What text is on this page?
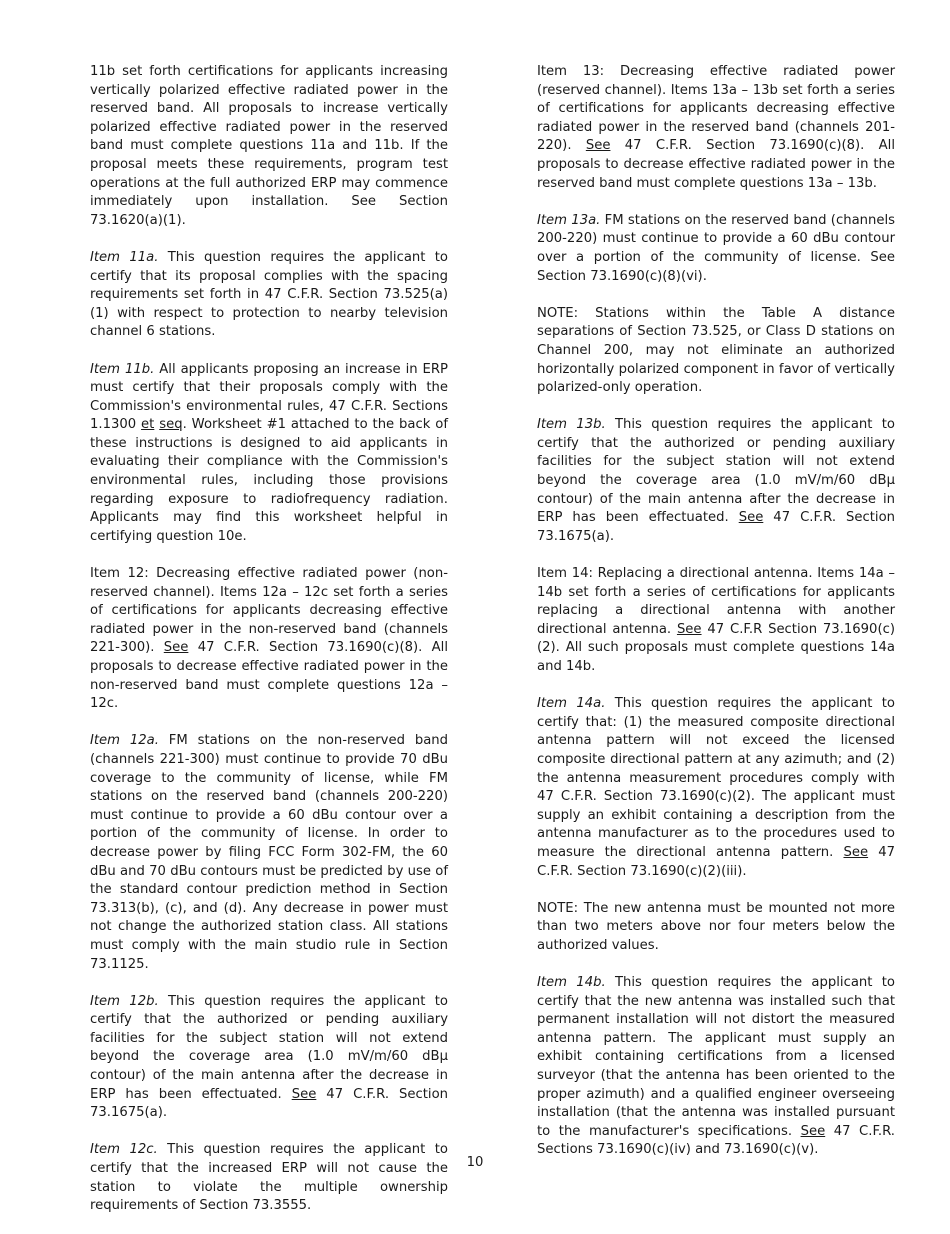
11b set forth certifications for applicants increasing vertically polarized effective radiated power in the reserved band. All proposals to increase vertically polarized effective radiated power in the reserved band must complete questions 11a and 11b. If the proposal meets these requirements, program test operations at the full authorized ERP may commence immediately upon installation. See Section 73.1620(a)(1).

Item 11a. This question requires the applicant to certify that its proposal complies with the spacing requirements set forth in 47 C.F.R. Section 73.525(a)(1) with respect to protection to nearby television channel 6 stations.

Item 11b. All applicants proposing an increase in ERP must certify that their proposals comply with the Commission's environmental rules, 47 C.F.R. Sections 1.1300 et seq. Worksheet #1 attached to the back of these instructions is designed to aid applicants in evaluating their compliance with the Commission's environmental rules, including those provisions regarding exposure to radiofrequency radiation. Applicants may find this worksheet helpful in certifying question 10e.

Item 12: Decreasing effective radiated power (non-reserved channel). Items 12a – 12c set forth a series of certifications for applicants decreasing effective radiated power in the non-reserved band (channels 221-300). See 47 C.F.R. Section 73.1690(c)(8). All proposals to decrease effective radiated power in the non-reserved band must complete questions 12a – 12c.

Item 12a. FM stations on the non-reserved band (channels 221-300) must continue to provide 70 dBu coverage to the community of license, while FM stations on the reserved band (channels 200-220) must continue to provide a 60 dBu contour over a portion of the community of license. In order to decrease power by filing FCC Form 302-FM, the 60 dBu and 70 dBu contours must be predicted by use of the standard contour prediction method in Section 73.313(b), (c), and (d). Any decrease in power must not change the authorized station class. All stations must comply with the main studio rule in Section 73.1125.

Item 12b. This question requires the applicant to certify that the authorized or pending auxiliary facilities for the subject station will not extend beyond the coverage area (1.0 mV/m/60 dBμ contour) of the main antenna after the decrease in ERP has been effectuated. See 47 C.F.R. Section 73.1675(a).

Item 12c. This question requires the applicant to certify that the increased ERP will not cause the station to violate the multiple ownership requirements of Section 73.3555.

Item 13: Decreasing effective radiated power (reserved channel). Items 13a – 13b set forth a series of certifications for applicants decreasing effective radiated power in the reserved band (channels 201-220). See 47 C.F.R. Section 73.1690(c)(8). All proposals to decrease effective radiated power in the reserved band must complete questions 13a – 13b.

Item 13a. FM stations on the reserved band (channels 200-220) must continue to provide a 60 dBu contour over a portion of the community of license. See Section 73.1690(c)(8)(vi).

NOTE: Stations within the Table A distance separations of Section 73.525, or Class D stations on Channel 200, may not eliminate an authorized horizontally polarized component in favor of vertically polarized-only operation.

Item 13b. This question requires the applicant to certify that the authorized or pending auxiliary facilities for the subject station will not extend beyond the coverage area (1.0 mV/m/60 dBμ contour) of the main antenna after the decrease in ERP has been effectuated. See 47 C.F.R. Section 73.1675(a).

Item 14: Replacing a directional antenna. Items 14a – 14b set forth a series of certifications for applicants replacing a directional antenna with another directional antenna. See 47 C.F.R Section 73.1690(c)(2). All such proposals must complete questions 14a and 14b.

Item 14a. This question requires the applicant to certify that: (1) the measured composite directional antenna pattern will not exceed the licensed composite directional pattern at any azimuth; and (2) the antenna measurement procedures comply with 47 C.F.R. Section 73.1690(c)(2). The applicant must supply an exhibit containing a description from the antenna manufacturer as to the procedures used to measure the directional antenna pattern. See 47 C.F.R. Section 73.1690(c)(2)(iii).

NOTE: The new antenna must be mounted not more than two meters above nor four meters below the authorized values.

Item 14b. This question requires the applicant to certify that the new antenna was installed such that permanent installation will not distort the measured antenna pattern. The applicant must supply an exhibit containing certifications from a licensed surveyor (that the antenna has been oriented to the proper azimuth) and a qualified engineer overseeing installation (that the antenna was installed pursuant to the manufacturer's specifications. See 47 C.F.R. Sections 73.1690(c)(iv) and 73.1690(c)(v).

10
